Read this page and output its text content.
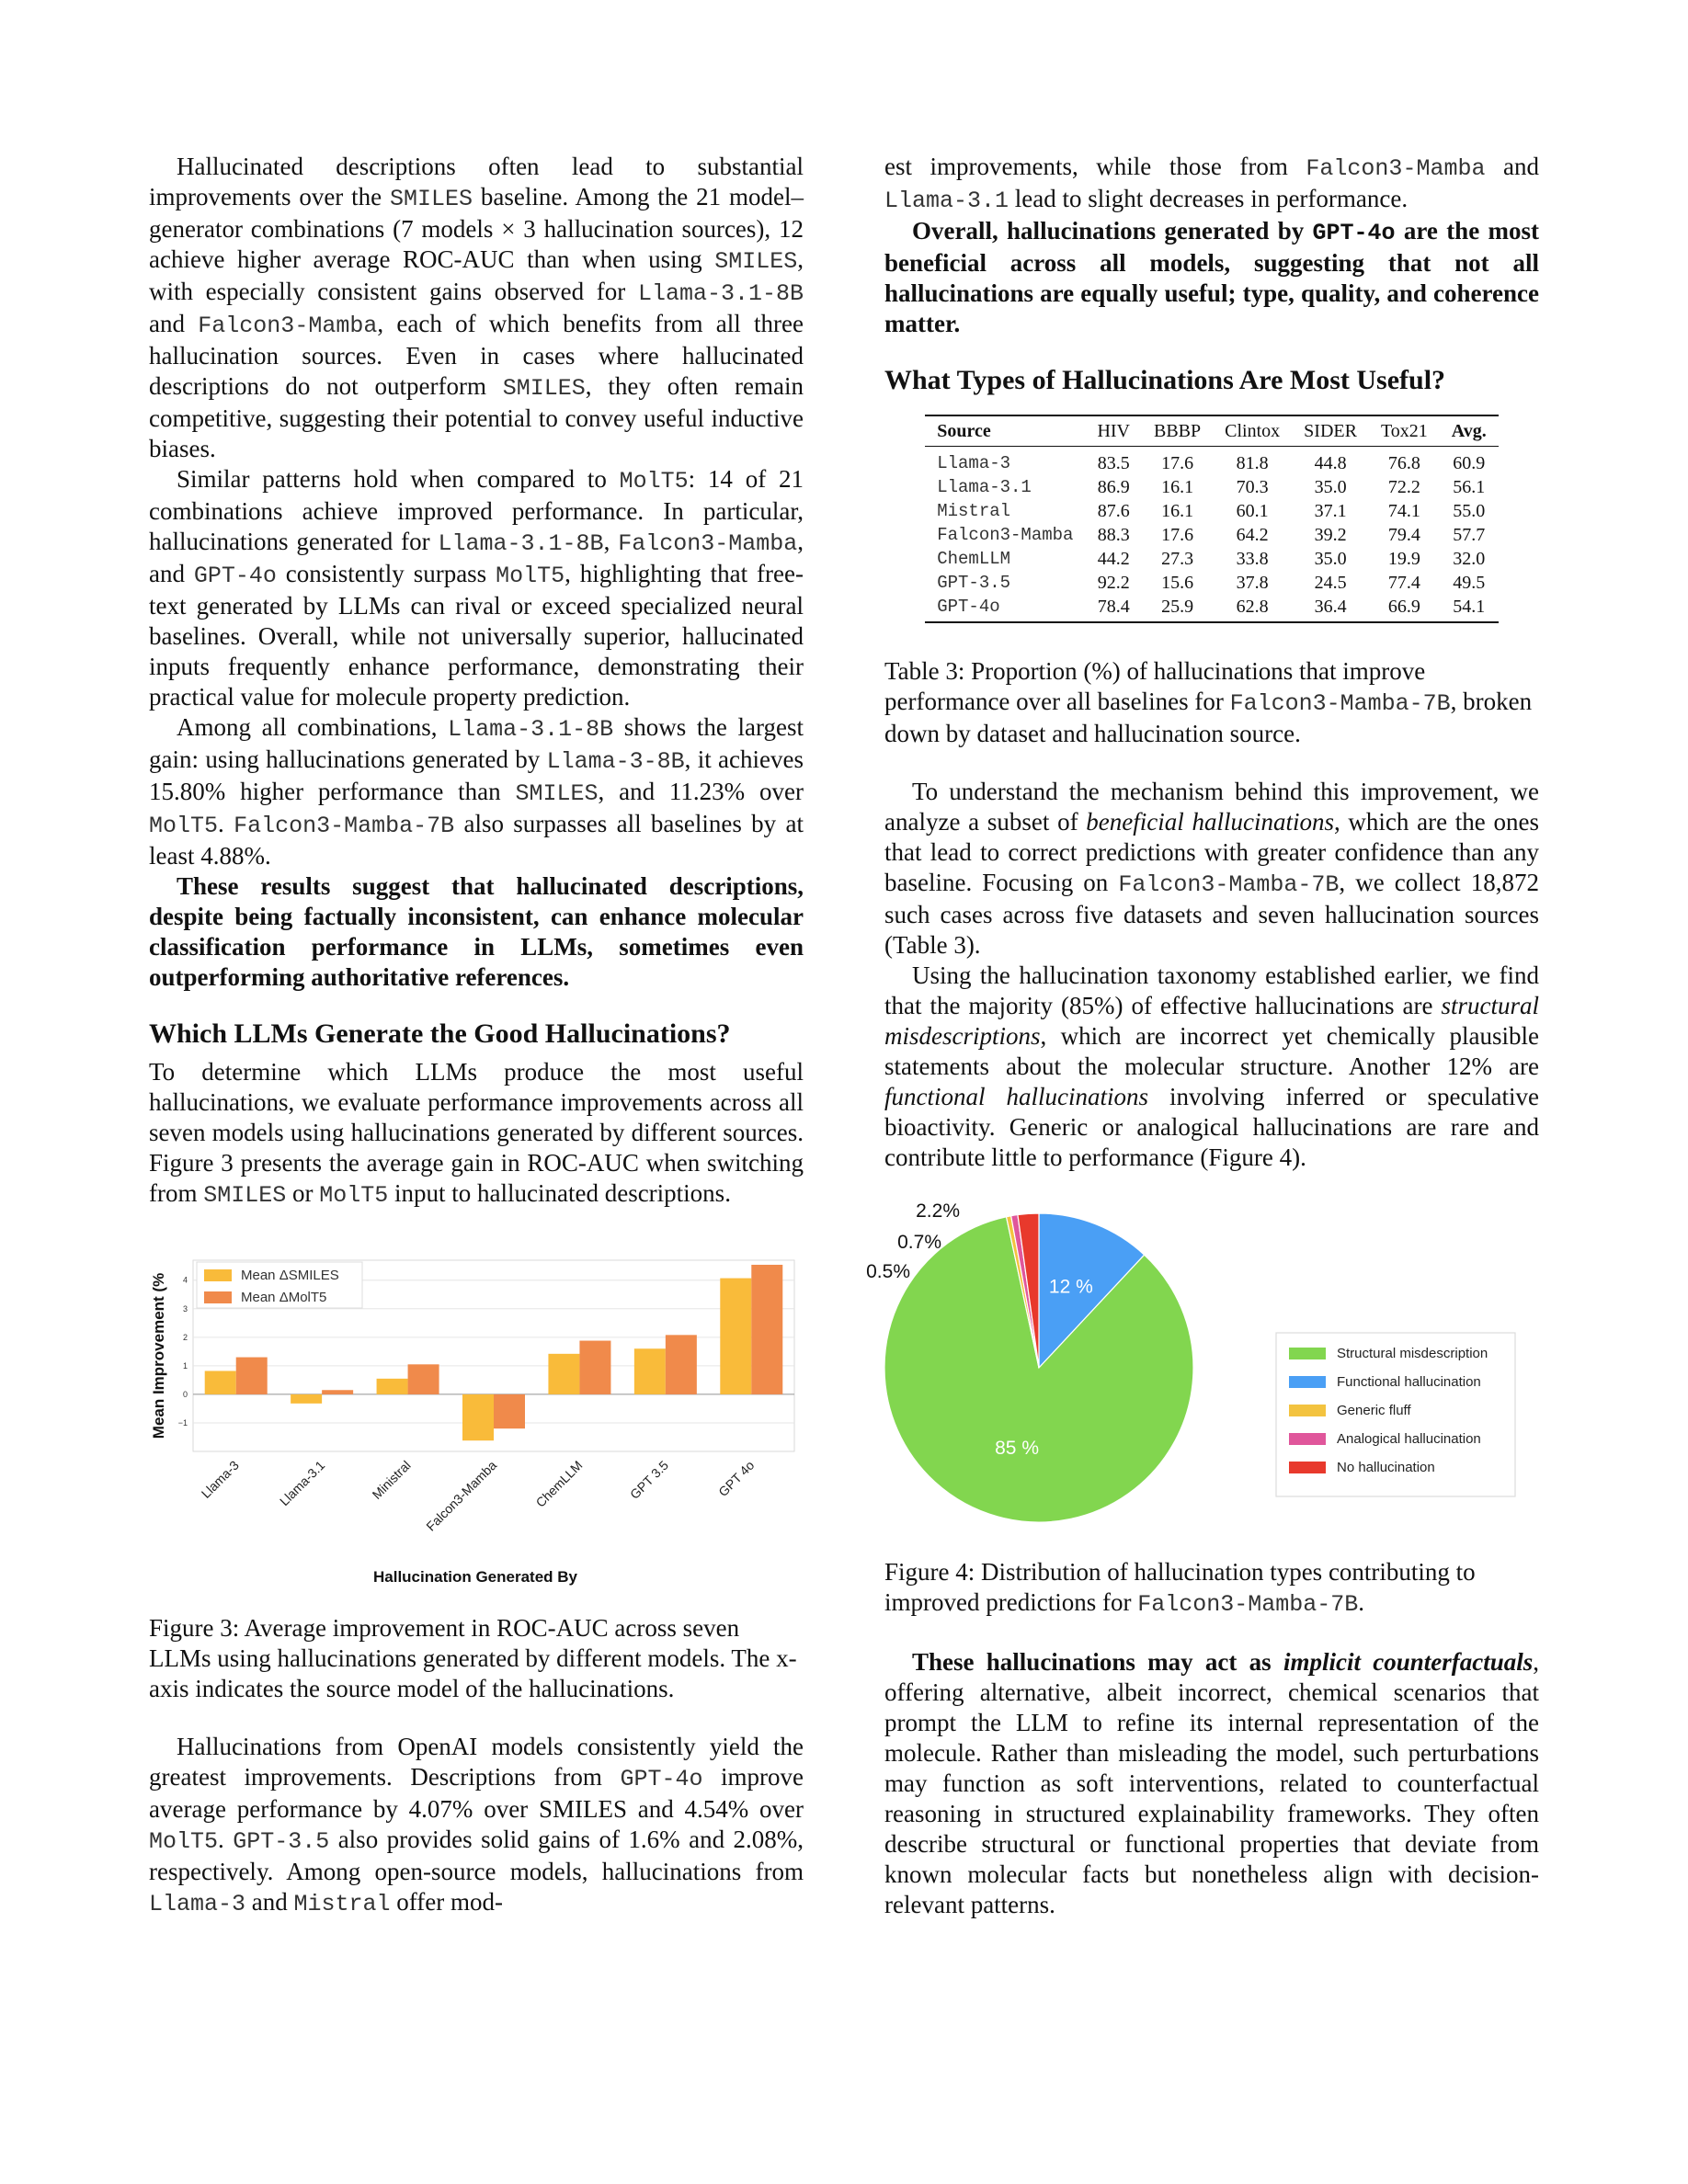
Hallucinated descriptions often lead to substantial improvements over the SMILES baseline. Among the 21 model–generator combinations (7 models × 3 hallucination sources), 12 achieve higher average ROC-AUC than when using SMILES, with especially consistent gains observed for Llama-3.1-8B and Falcon3-Mamba, each of which benefits from all three hallucination sources. Even in cases where hallucinated descriptions do not outperform SMILES, they often remain competitive, suggesting their potential to convey useful inductive biases.

Similar patterns hold when compared to MolT5: 14 of 21 combinations achieve improved performance. In particular, hallucinations generated for Llama-3.1-8B, Falcon3-Mamba, and GPT-4o consistently surpass MolT5, highlighting that free-text generated by LLMs can rival or exceed specialized neural baselines. Overall, while not universally superior, hallucinated inputs frequently enhance performance, demonstrating their practical value for molecule property prediction.

Among all combinations, Llama-3.1-8B shows the largest gain: using hallucinations generated by Llama-3-8B, it achieves 15.80% higher performance than SMILES, and 11.23% over MolT5. Falcon3-Mamba-7B also surpasses all baselines by at least 4.88%.

These results suggest that hallucinated descriptions, despite being factually inconsistent, can enhance molecular classification performance in LLMs, sometimes even outperforming authoritative references.

Which LLMs Generate the Good Hallucinations?

To determine which LLMs produce the most useful hallucinations, we evaluate performance improvements across all seven models using hallucinations generated by different sources. Figure 3 presents the average gain in ROC-AUC when switching from SMILES or MolT5 input to hallucinated descriptions.

−1
0
1
2
3
4
Llama-3	Llama-3.1	Ministral Falcon3-Mamba	ChemLLM	GPT 3.5	GPT 4o
Mean ΔSMILES
Mean ΔMolT5
Mean Improvement (%
Hallucination Generated By

Figure 3: Average improvement in ROC-AUC across seven LLMs using hallucinations generated by different models. The x-axis indicates the source model of the hallucinations.

Hallucinations from OpenAI models consistently yield the greatest improvements. Descriptions from GPT-4o improve average performance by 4.07% over SMILES and 4.54% over MolT5. GPT-3.5 also provides solid gains of 1.6% and 2.08%, respectively. Among open-source models, hallucinations from Llama-3 and Mistral offer mod-

est improvements, while those from Falcon3-Mamba and Llama-3.1 lead to slight decreases in performance.

Overall, hallucinations generated by GPT-4o are the most beneficial across all models, suggesting that not all hallucinations are equally useful; type, quality, and coherence matter.

What Types of Hallucinations Are Most Useful?
Source	HIV	BBBP	Clintox	SIDER	Tox21	Avg.
Llama-3	83.5	17.6	81.8	44.8	76.8	60.9
Llama-3.1	86.9	16.1	70.3	35.0	72.2	56.1
Mistral	87.6	16.1	60.1	37.1	74.1	55.0
Falcon3-Mamba	88.3	17.6	64.2	39.2	79.4	57.7
ChemLLM	44.2	27.3	33.8	35.0	19.9	32.0
GPT-3.5	92.2	15.6	37.8	24.5	77.4	49.5
GPT-4o	78.4	25.9	62.8	36.4	66.9	54.1

Table 3: Proportion (%) of hallucinations that improve performance over all baselines for Falcon3-Mamba-7B, broken down by dataset and hallucination source.

To understand the mechanism behind this improvement, we analyze a subset of beneficial hallucinations, which are the ones that lead to correct predictions with greater confidence than any baseline. Focusing on Falcon3-Mamba-7B, we collect 18,872 such cases across five datasets and seven hallucination sources (Table 3).

Using the hallucination taxonomy established earlier, we find that the majority (85%) of effective hallucinations are structural misdescriptions, which are incorrect yet chemically plausible statements about the molecular structure. Another 12% are functional hallucinations involving inferred or speculative bioactivity. Generic or analogical hallucinations are rare and contribute little to performance (Figure 4).

85 %
12 %
2.2%
0.7%
0.5%
Structural misdescription
Functional hallucination
Generic fluff
Analogical hallucination
No hallucination

Figure 4: Distribution of hallucination types contributing to improved predictions for Falcon3-Mamba-7B.

These hallucinations may act as implicit counterfactuals, offering alternative, albeit incorrect, chemical scenarios that prompt the LLM to refine its internal representation of the molecule. Rather than misleading the model, such perturbations may function as soft interventions, related to counterfactual reasoning in structured explainability frameworks. They often describe structural or functional properties that deviate from known molecular facts but nonetheless align with decision-relevant patterns.
